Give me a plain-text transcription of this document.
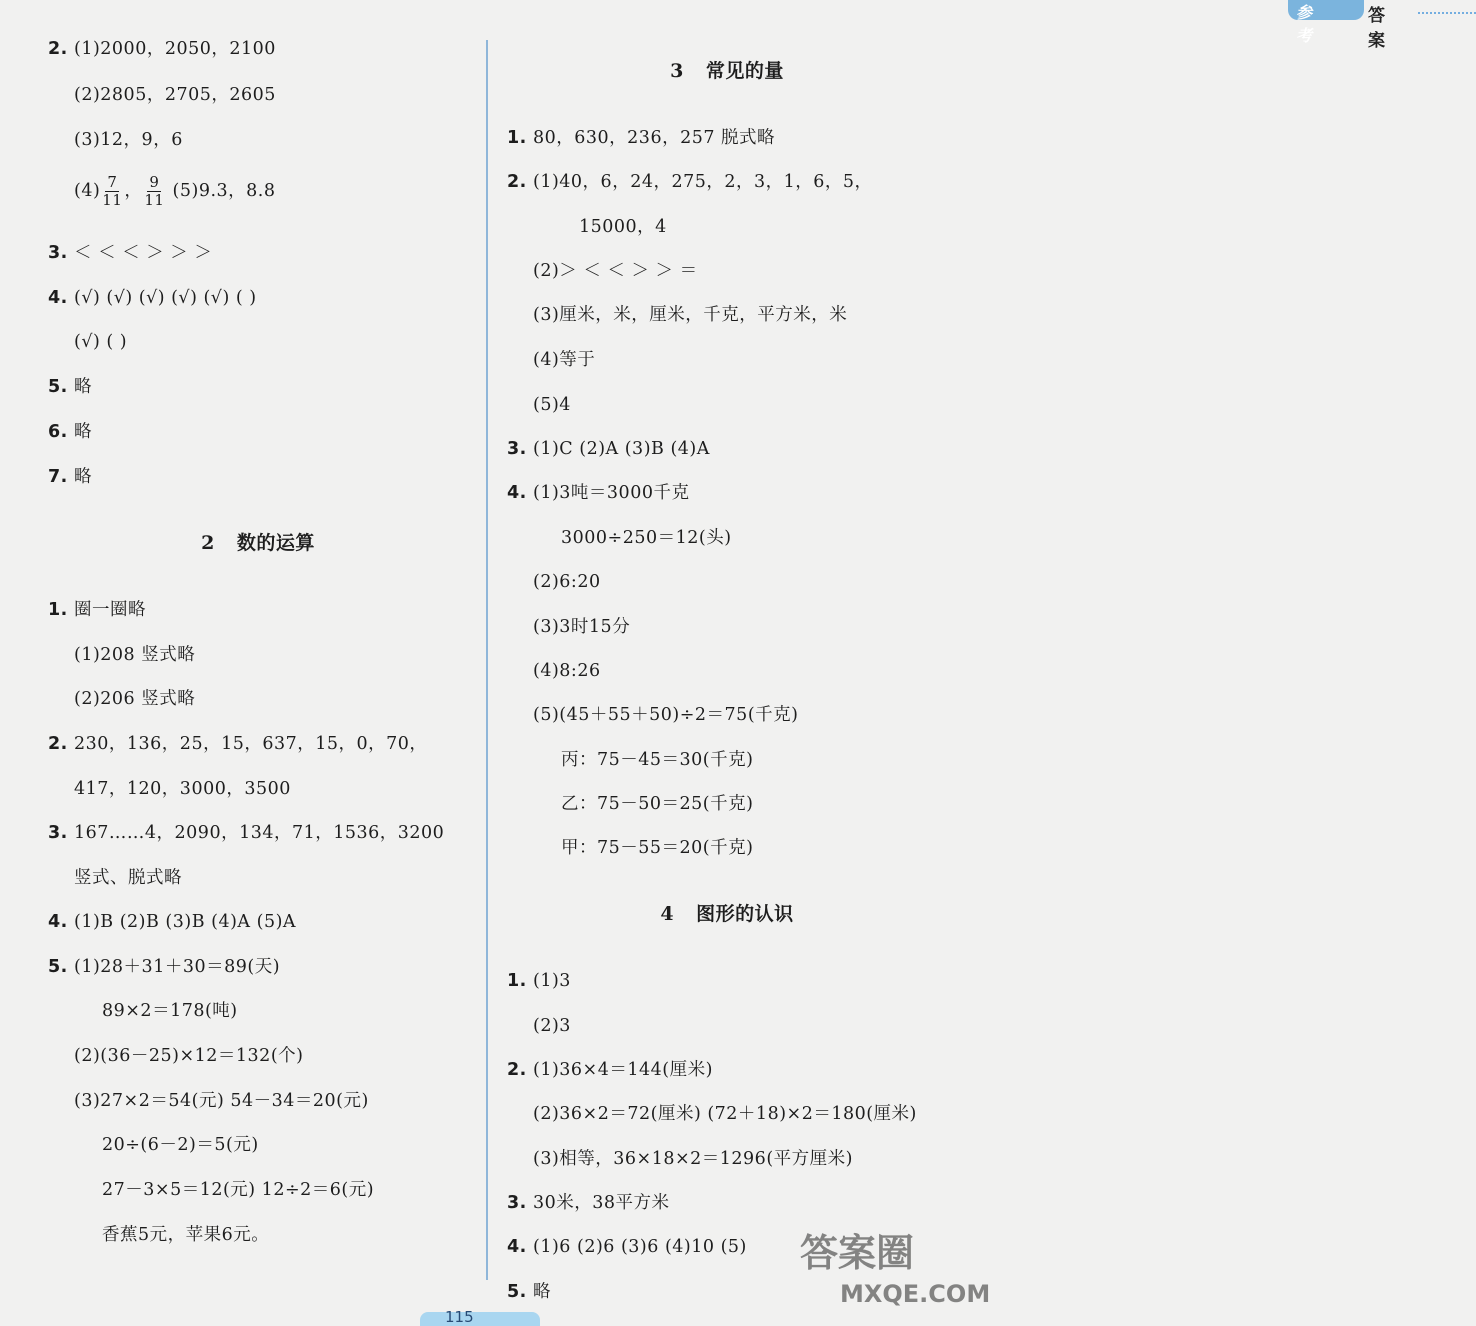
参考
答案
2. (1)2000，2050，2100
(2)2805，2705，2605
(3)12，9，6
$(4) \frac{7}{11}$ ， $\frac{9}{11} (5)9.3$，8.8
3. ＜ ＜ ＜ ＞ ＞ ＞
4. (√) (√) (√) (√) (√) ( )
(√) ( )
5. 略
6. 略
7. 略
2 数的运算
1. 圈一圈略
(1)208 竖式略
(2)206 竖式略
2. 230，136，25，15，637，15，0，70，
417，120，3000，3500
3. 167……4，2090，134，71，1536，3200
竖式、脱式略
4. (1)B (2)B (3)B (4)A (5)A
5. (1)28＋31＋30＝89(天)
89×2＝178(吨)
(2)(36－25)×12＝132(个)
(3)27×2＝54(元) 54－34＝20(元)
20÷(6－2)＝5(元)
27－3×5＝12(元) 12÷2＝6(元)
香蕉5元，苹果6元。
3 常见的量
1. 80，630，236，257 脱式略
2. (1)40，6，24，275，2，3，1，6，5，
15000，4
(2)＞ ＜ ＜ ＞ ＞ ＝
(3)厘米，米，厘米，千克，平方米，米
(4)等于
(5)4
3. (1)C (2)A (3)B (4)A
4. (1)3吨＝3000千克
3000÷250＝12(头)
(2)6:20
(3)3时15分
(4)8:26
(5)(45＋55＋50)÷2＝75(千克)
丙：75－45＝30(千克)
乙：75－50＝25(千克)
甲：75－55＝20(千克)
4 图形的认识
1. (1)3
(2)3
2. (1)36×4＝144(厘米)
(2)36×2＝72(厘米) (72＋18)×2＝180(厘米)
(3)相等，36×18×2＝1296(平方厘米)
3. 30米，38平方米
4. (1)6 (2)6 (3)6 (4)10 (5)
5. 略
115
答案圈
MXQE.COM
